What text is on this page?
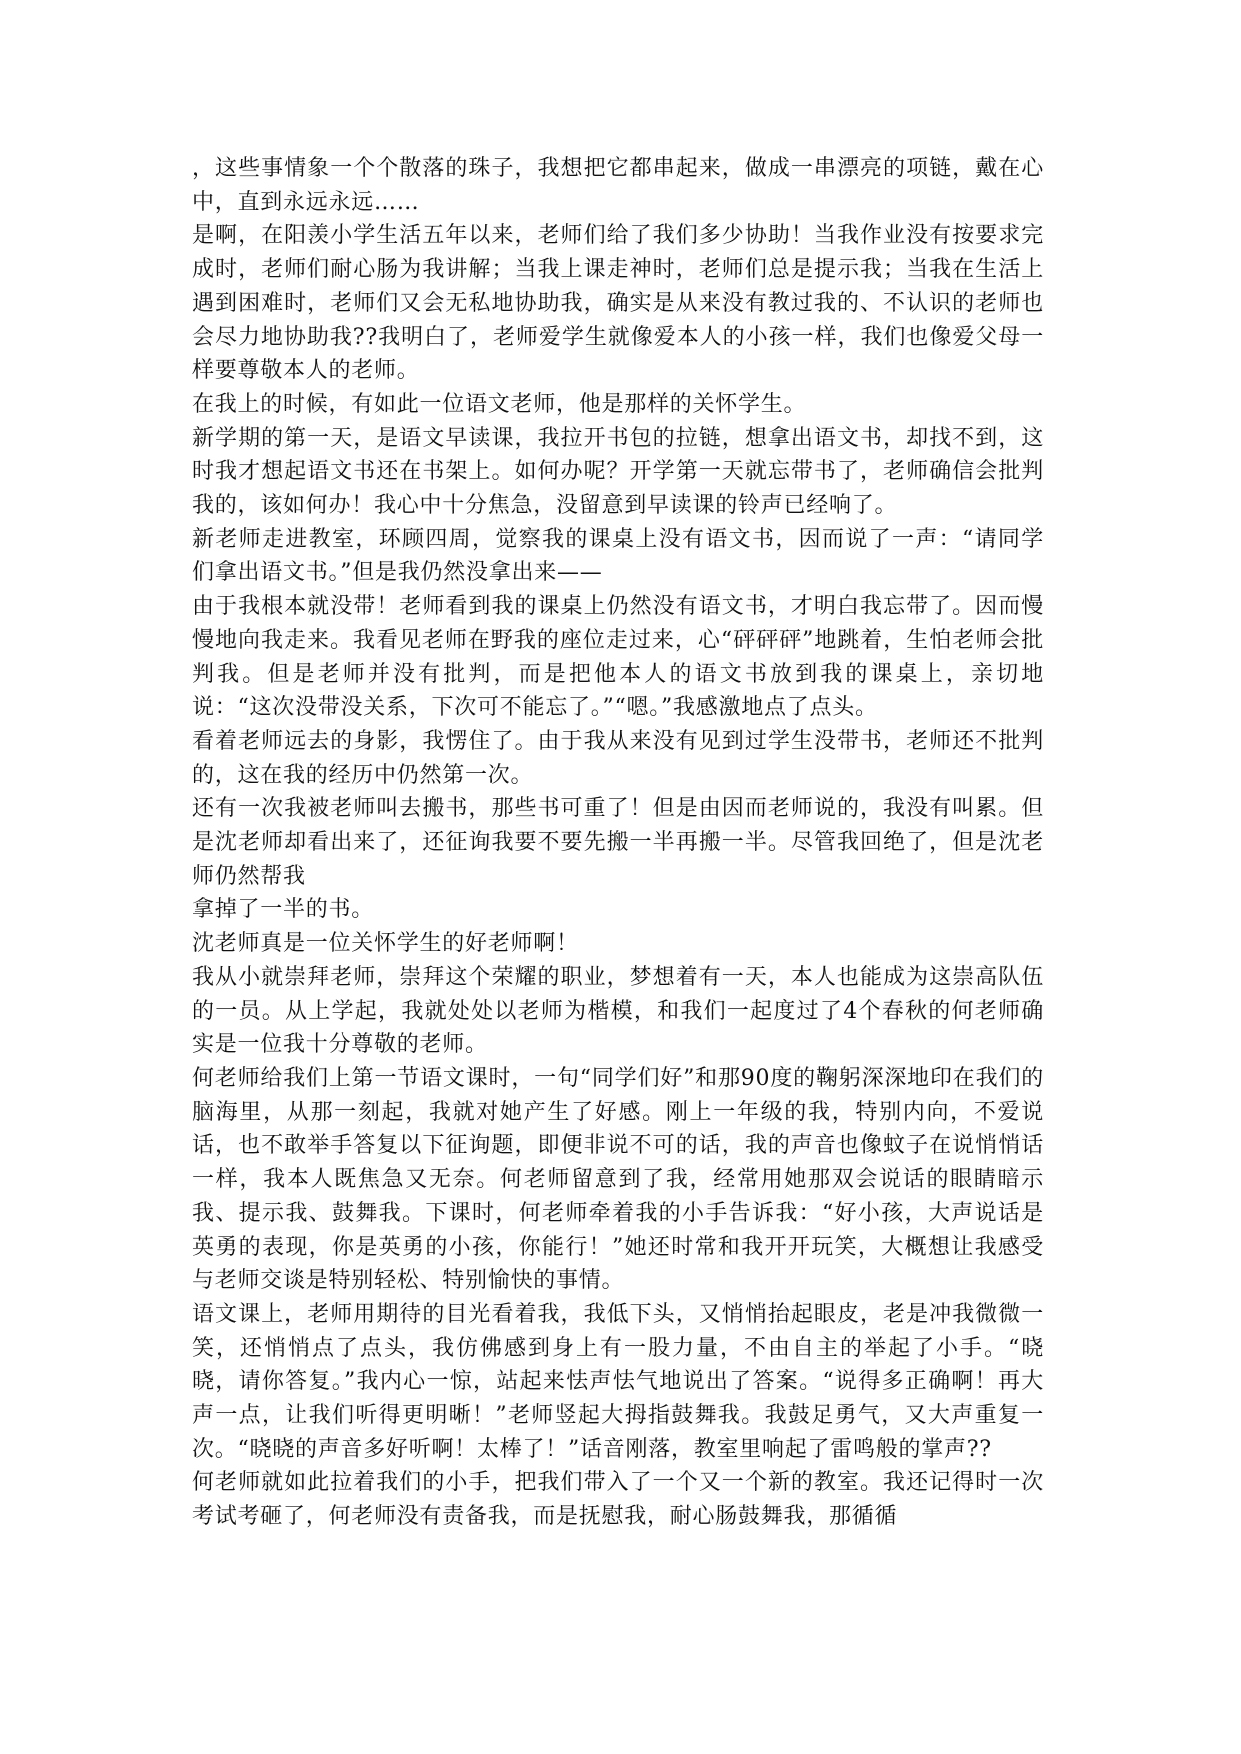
，这些事情象一个个散落的珠子，我想把它都串起来，做成一串漂亮的项链，戴在心中，直到永远永远……

是啊，在阳羡小学生活五年以来，老师们给了我们多少协助！当我作业没有按要求完成时，老师们耐心肠为我讲解；当我上课走神时，老师们总是提示我；当我在生活上遇到困难时，老师们又会无私地协助我，确实是从来没有教过我的、不认识的老师也会尽力地协助我??我明白了，老师爱学生就像爱本人的小孩一样，我们也像爱父母一样要尊敬本人的老师。

在我上的时候，有如此一位语文老师，他是那样的关怀学生。

新学期的第一天，是语文早读课，我拉开书包的拉链，想拿出语文书，却找不到，这时我才想起语文书还在书架上。如何办呢？开学第一天就忘带书了，老师确信会批判我的，该如何办！我心中十分焦急，没留意到早读课的铃声已经响了。

新老师走进教室，环顾四周，觉察我的课桌上没有语文书，因而说了一声：“请同学们拿出语文书。”但是我仍然没拿出来——

由于我根本就没带！老师看到我的课桌上仍然没有语文书，才明白我忘带了。因而慢慢地向我走来。我看见老师在野我的座位走过来，心“砰砰砰”地跳着，生怕老师会批判我。但是老师并没有批判，而是把他本人的语文书放到我的课桌上，亲切地说：“这次没带没关系，下次可不能忘了。”“嗯。”我感激地点了点头。

看着老师远去的身影，我愣住了。由于我从来没有见到过学生没带书，老师还不批判的，这在我的经历中仍然第一次。

还有一次我被老师叫去搬书，那些书可重了！但是由因而老师说的，我没有叫累。但是沈老师却看出来了，还征询我要不要先搬一半再搬一半。尽管我回绝了，但是沈老师仍然帮我

拿掉了一半的书。

沈老师真是一位关怀学生的好老师啊！

我从小就崇拜老师，崇拜这个荣耀的职业，梦想着有一天，本人也能成为这崇高队伍的一员。从上学起，我就处处以老师为楷模，和我们一起度过了4个春秋的何老师确实是一位我十分尊敬的老师。

何老师给我们上第一节语文课时，一句“同学们好”和那90度的鞠躬深深地印在我们的脑海里，从那一刻起，我就对她产生了好感。刚上一年级的我，特别内向，不爱说话，也不敢举手答复以下征询题，即便非说不可的话，我的声音也像蚊子在说悄悄话一样，我本人既焦急又无奈。何老师留意到了我，经常用她那双会说话的眼睛暗示我、提示我、鼓舞我。下课时，何老师牵着我的小手告诉我：“好小孩，大声说话是英勇的表现，你是英勇的小孩，你能行！”她还时常和我开开玩笑，大概想让我感受与老师交谈是特别轻松、特别愉快的事情。

语文课上，老师用期待的目光看着我，我低下头，又悄悄抬起眼皮，老是冲我微微一笑，还悄悄点了点头，我仿佛感到身上有一股力量，不由自主的举起了小手。“晓晓，请你答复。”我内心一惊，站起来怯声怯气地说出了答案。“说得多正确啊！再大声一点，让我们听得更明晰！”老师竖起大拇指鼓舞我。我鼓足勇气，又大声重复一次。“晓晓的声音多好听啊！太棒了！”话音刚落，教室里响起了雷鸣般的掌声??

何老师就如此拉着我们的小手，把我们带入了一个又一个新的教室。我还记得时一次考试考砸了，何老师没有责备我，而是抚慰我，耐心肠鼓舞我，那循循
